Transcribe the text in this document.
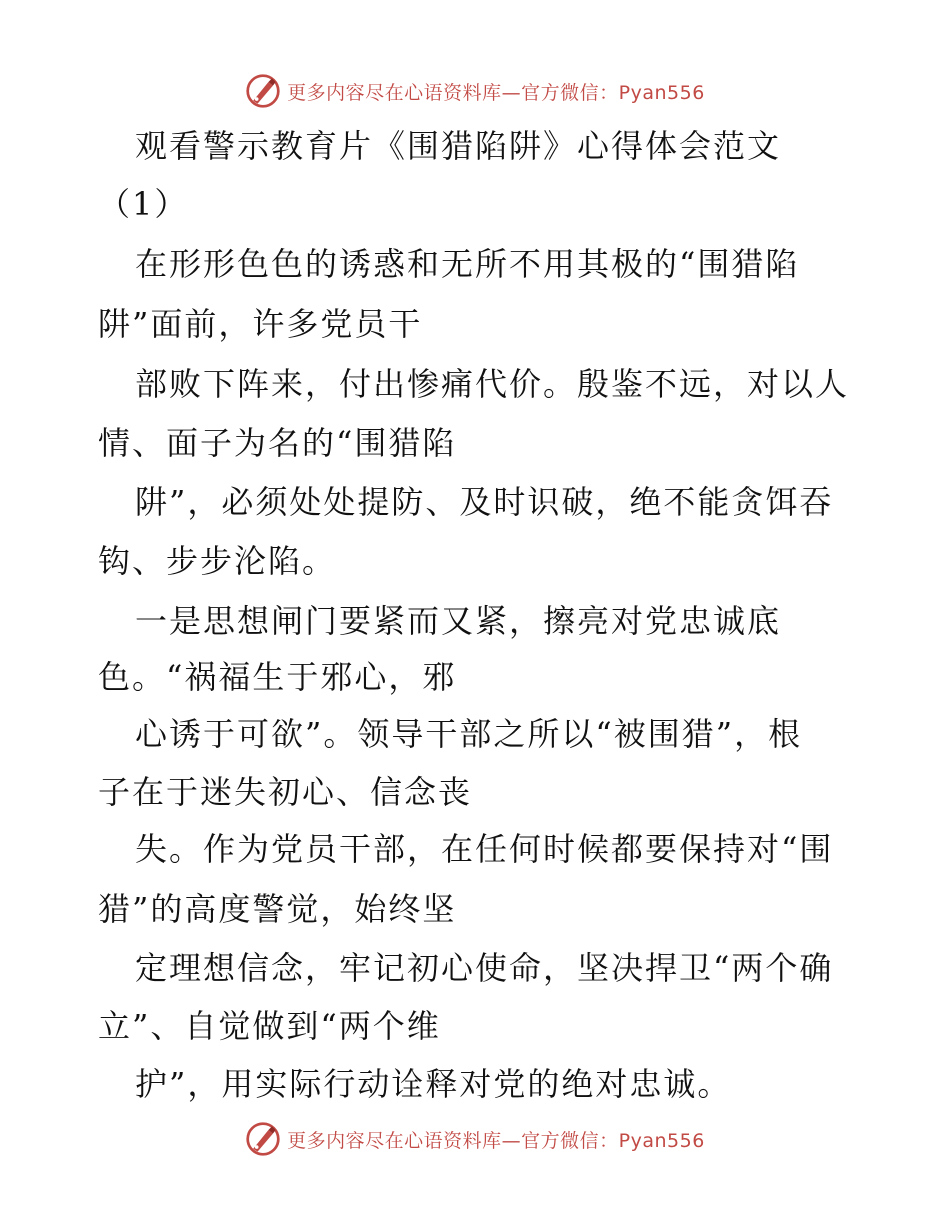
更多内容尽在心语资料库—官方微信：Pyan556
观看警示教育片《围猎陷阱》心得体会范文
（1）
在形形色色的诱惑和无所不用其极的“围猎陷
阱”面前，许多党员干
部败下阵来，付出惨痛代价。殷鉴不远，对以人
情、面子为名的“围猎陷
阱”，必须处处提防、及时识破，绝不能贪饵吞
钩、步步沦陷。
一是思想闸门要紧而又紧，擦亮对党忠诚底
色。“祸福生于邪心，邪
心诱于可欲”。领导干部之所以“被围猎”，根
子在于迷失初心、信念丧
失。作为党员干部，在任何时候都要保持对“围
猎”的高度警觉，始终坚
定理想信念，牢记初心使命，坚决捍卫“两个确
立”、自觉做到“两个维
护”，用实际行动诠释对党的绝对忠诚。
更多内容尽在心语资料库—官方微信：Pyan556
